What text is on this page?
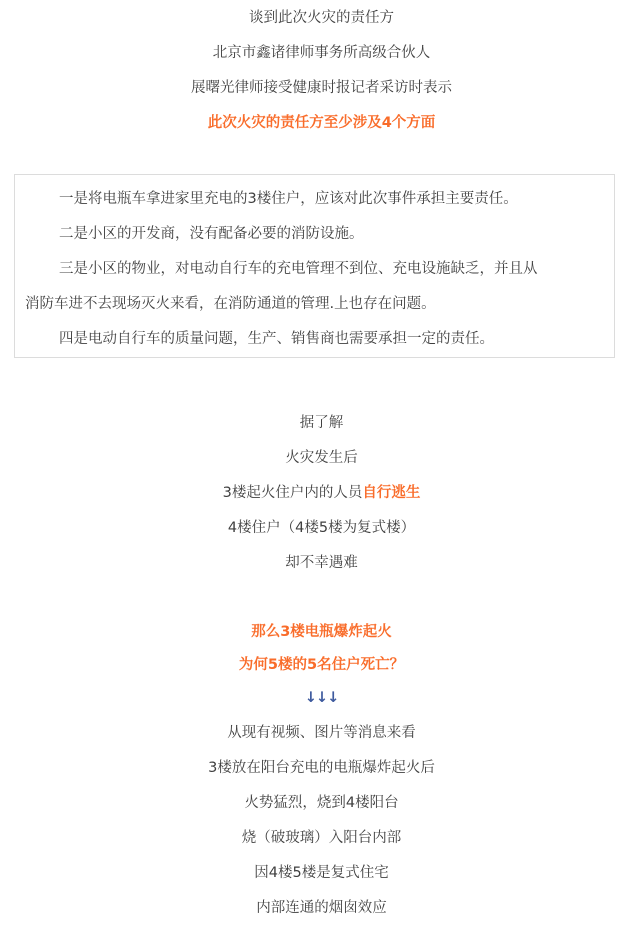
谈到此次火灾的责任方
北京市鑫诸律师事务所高级合伙人
展曙光律师接受健康时报记者采访时表示
此次火灾的责任方至少涉及4个方面
一是将电瓶车拿进家里充电的3楼住户，应该对此次事件承担主要责任。
二是小区的开发商，没有配备必要的消防设施。
三是小区的物业，对电动自行车的充电管理不到位、充电设施缺乏，并且从
消防车进不去现场灭火来看，在消防通道的管理.上也存在问题。
四是电动自行车的质量问题，生产、销售商也需要承担一定的责任。
据了解
火灾发生后
3楼起火住户内的人员自行逃生
4楼住户（4楼5楼为复式楼）
却不幸遇难
那么3楼电瓶爆炸起火
为何5楼的5名住户死亡？
↓↓↓
从现有视频、图片等消息来看
3楼放在阳台充电的电瓶爆炸起火后
火势猛烈，烧到4楼阳台
烧（破玻璃）入阳台内部
因4楼5楼是复式住宅
内部连通的烟囱效应
